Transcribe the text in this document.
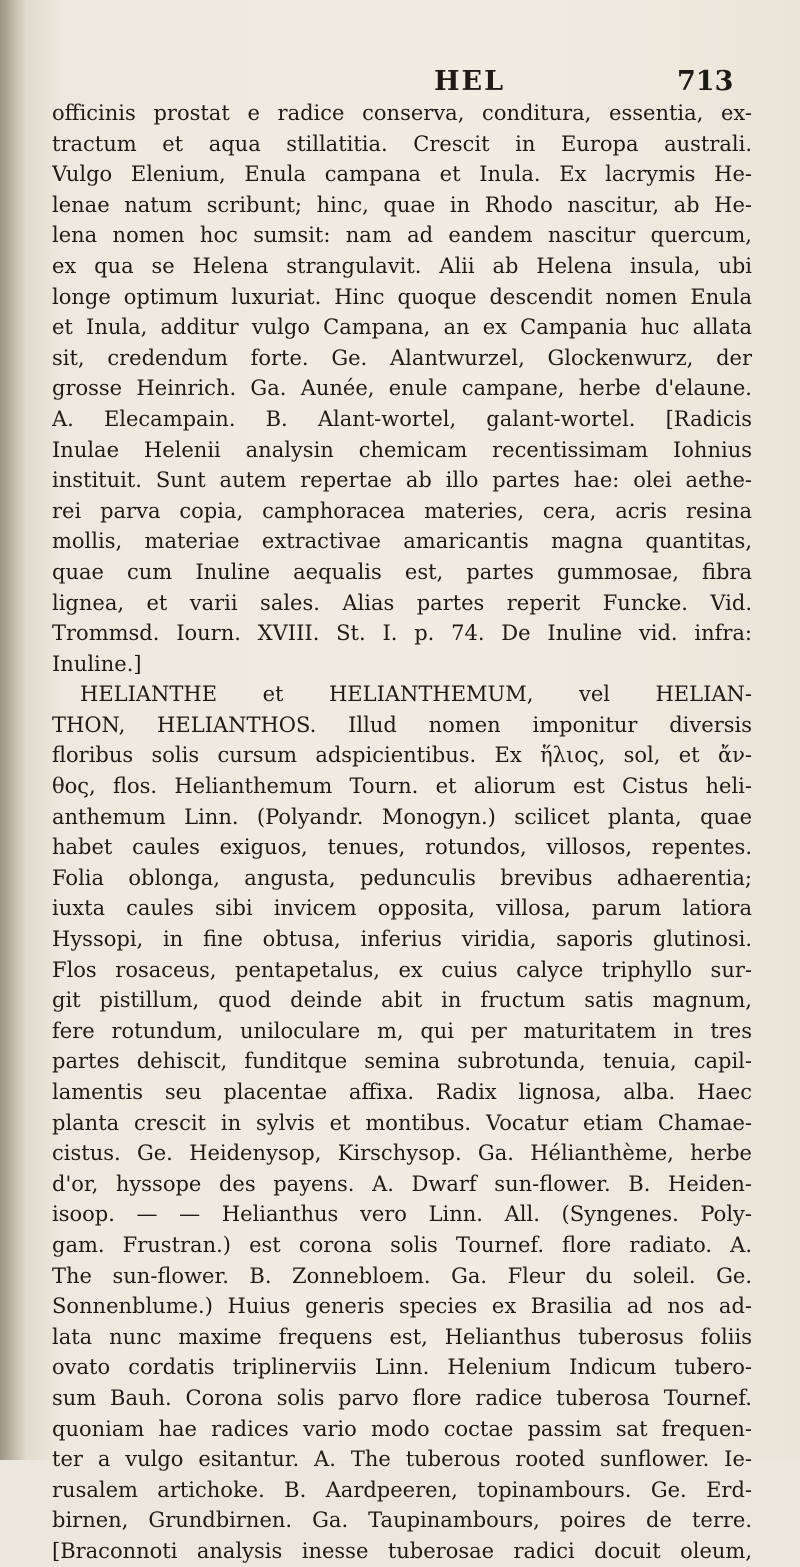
HEL	713
officinis prostat e radice conserva, conditura, essentia, ex-
tractum et aqua stillatitia. Crescit in Europa australi.
Vulgo Elenium, Enula campana et Inula. Ex lacrymis He-
lenae natum scribunt; hinc, quae in Rhodo nascitur, ab He-
lena nomen hoc sumsit: nam ad eandem nascitur quercum,
ex qua se Helena strangulavit. Alii ab Helena insula, ubi
longe optimum luxuriat. Hinc quoque descendit nomen Enula
et Inula, additur vulgo Campana, an ex Campania huc allata
sit, credendum forte. Ge. Alantwurzel, Glockenwurz, der
grosse Heinrich. Ga. Aunée, enule campane, herbe d'elaune.
A. Elecampain. B. Alant-wortel, galant-wortel. [Radicis
Inulae Helenii analysin chemicam recentissimam Iohnius
instituit. Sunt autem repertae ab illo partes hae: olei aethe-
rei parva copia, camphoracea materies, cera, acris resina
mollis, materiae extractivae amaricantis magna quantitas,
quae cum Inuline aequalis est, partes gummosae, fibra
lignea, et varii sales. Alias partes reperit Funcke. Vid.
Trommsd. Iourn. XVIII. St. I. p. 74. De Inuline vid. infra:
Inuline.]
HELIANTHE et HELIANTHEMUM, vel HELIAN-
THON, HELIANTHOS. Illud nomen imponitur diversis
floribus solis cursum adspicientibus. Ex ἥλιος, sol, et ἄν-
θος, flos. Helianthemum Tourn. et aliorum est Cistus heli-
anthemum Linn. (Polyandr. Monogyn.) scilicet planta, quae
habet caules exiguos, tenues, rotundos, villosos, repentes.
Folia oblonga, angusta, pedunculis brevibus adhaerentia;
iuxta caules sibi invicem opposita, villosa, parum latiora
Hyssopi, in fine obtusa, inferius viridia, saporis glutinosi.
Flos rosaceus, pentapetalus, ex cuius calyce triphyllo sur-
git pistillum, quod deinde abit in fructum satis magnum,
fere rotundum, uniloculare m, qui per maturitatem in tres
partes dehiscit, funditque semina subrotunda, tenuia, capil-
lamentis seu placentae affixa. Radix lignosa, alba. Haec
planta crescit in sylvis et montibus. Vocatur etiam Chamae-
cistus. Ge. Heidenysop, Kirschysop. Ga. Hélianthème, herbe
d'or, hyssope des payens. A. Dwarf sun-flower. B. Heiden-
isoop. — — Helianthus vero Linn. All. (Syngenes. Poly-
gam. Frustran.) est corona solis Tournef. flore radiato. A.
The sun-flower. B. Zonnebloem. Ga. Fleur du soleil. Ge.
Sonnenblume.) Huius generis species ex Brasilia ad nos ad-
lata nunc maxime frequens est, Helianthus tuberosus foliis
ovato cordatis triplinerviis Linn. Helenium Indicum tubero-
sum Bauh. Corona solis parvo flore radice tuberosa Tournef.
quoniam hae radices vario modo coctae passim sat frequen-
ter a vulgo esitantur. A. The tuberous rooted sunflower. Ie-
rusalem artichoke. B. Aardpeeren, topinambours. Ge. Erd-
birnen, Grundbirnen. Ga. Taupinambours, poires de terre.
[Braconnoti analysis inesse tuberosae radici docuit oleum,
